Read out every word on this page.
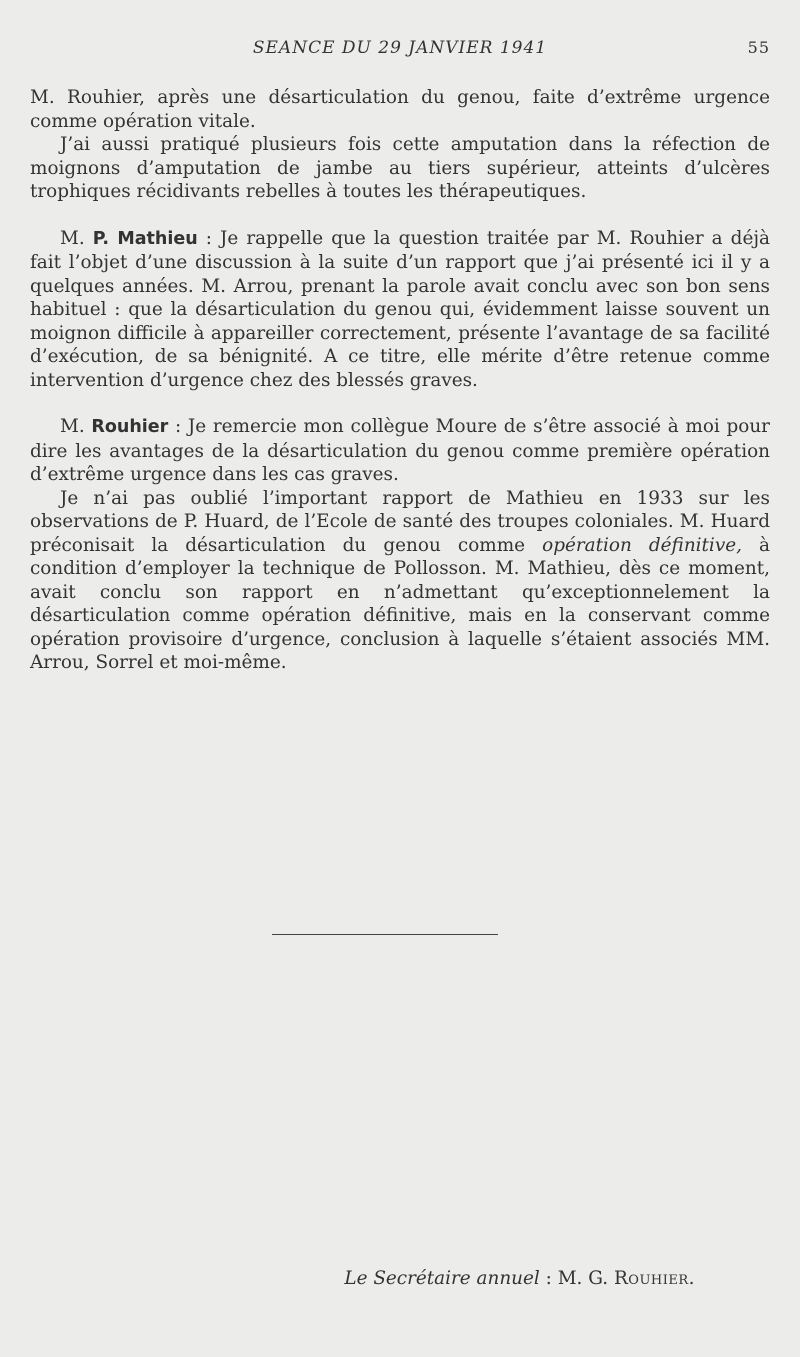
SEANCE DU 29 JANVIER 1941	55

M. Rouhier, après une désarticulation du genou, faite d’extrême urgence comme opération vitale.

J’ai aussi pratiqué plusieurs fois cette amputation dans la réfection de moignons d’amputation de jambe au tiers supérieur, atteints d’ulcères trophiques récidivants rebelles à toutes les thérapeutiques.

M. P. Mathieu : Je rappelle que la question traitée par M. Rouhier a déjà fait l’objet d’une discussion à la suite d’un rapport que j’ai présenté ici il y a quelques années. M. Arrou, prenant la parole avait conclu avec son bon sens habituel : que la désarticulation du genou qui, évidemment laisse souvent un moignon difficile à appareiller correctement, présente l’avantage de sa facilité d’exécution, de sa bénignité. A ce titre, elle mérite d’être retenue comme intervention d’urgence chez des blessés graves.

M. Rouhier : Je remercie mon collègue Moure de s’être associé à moi pour dire les avantages de la désarticulation du genou comme première opération d’extrême urgence dans les cas graves.

Je n’ai pas oublié l’important rapport de Mathieu en 1933 sur les observations de P. Huard, de l’Ecole de santé des troupes coloniales. M. Huard préconisait la désarticulation du genou comme opération définitive, à condition d’employer la technique de Pollosson. M. Mathieu, dès ce moment, avait conclu son rapport en n’admettant qu’exceptionnelement la désarticulation comme opération définitive, mais en la conservant comme opération provisoire d’urgence, conclusion à laquelle s’étaient associés MM. Arrou, Sorrel et moi-même.

Le Secrétaire annuel : M. G. Rouhier.
